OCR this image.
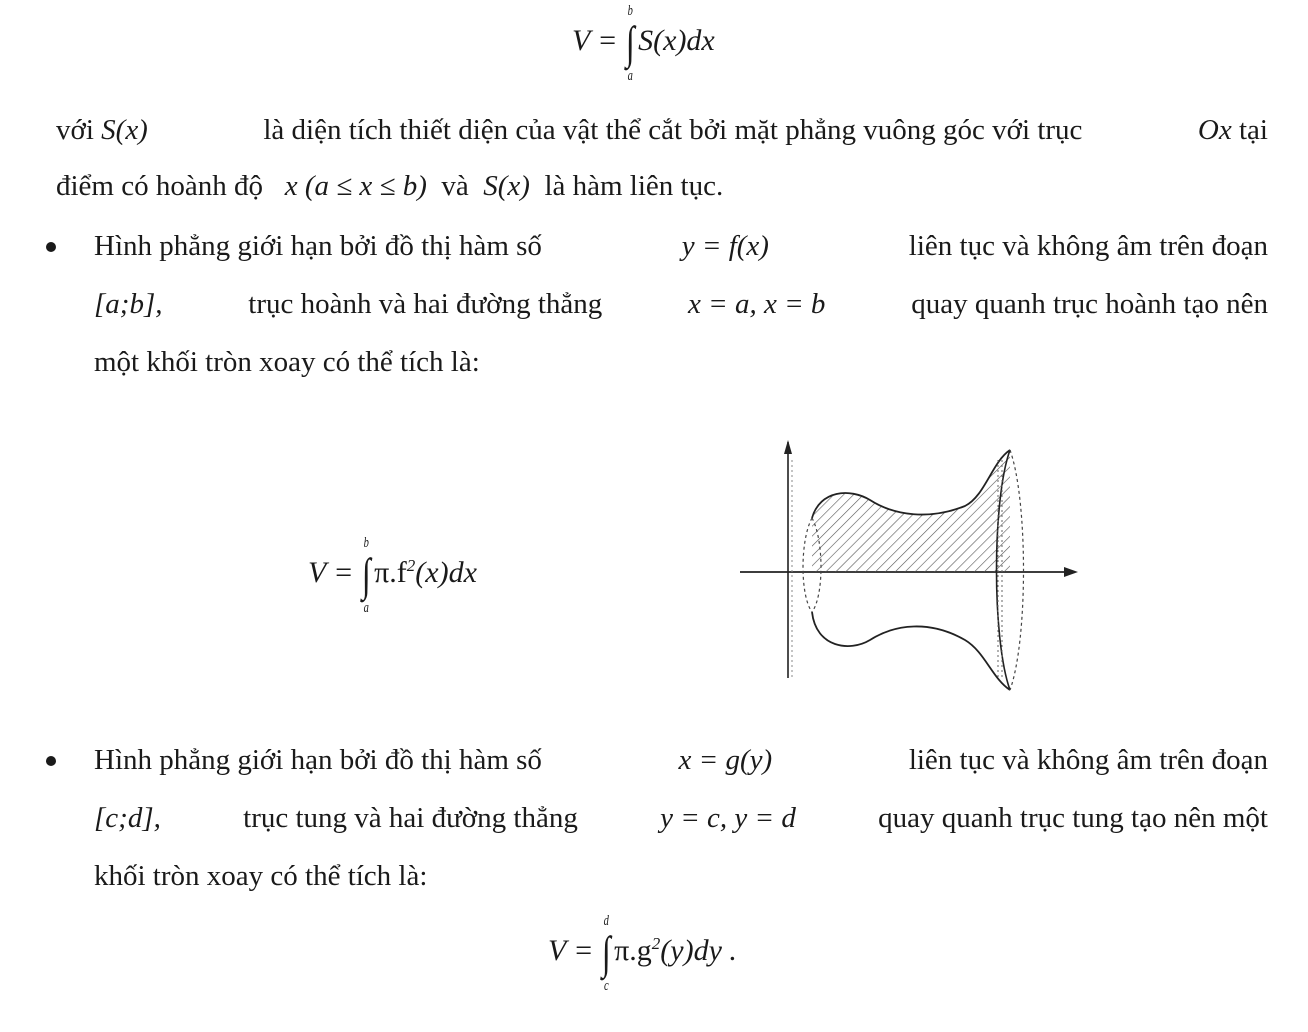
V = ∫
b
a
S(x)dx
với S(x)	là diện tích thiết diện của vật thể cắt bởi mặt phẳng vuông góc với trục	Ox tại
điểm có hoành độ x (a ≤ x ≤ b) và S(x) là hàm liên tục.
Hình phẳng giới hạn bởi đồ thị hàm số	y = f(x)	liên tục và không âm trên đoạn
[a;b],	trục hoành và hai đường thẳng	x = a, x = b	quay quanh trục hoành tạo nên
một khối tròn xoay có thể tích là:
V = ∫
b
a
$\pi.f^2(x)dx$
Hình phẳng giới hạn bởi đồ thị hàm số	x = g(y)	liên tục và không âm trên đoạn
[c;d],	trục tung và hai đường thẳng	y = c, y = d	quay quanh trục tung tạo nên một
khối tròn xoay có thể tích là:
V = ∫
d
c
$\pi.g^2(y)dy$ .
